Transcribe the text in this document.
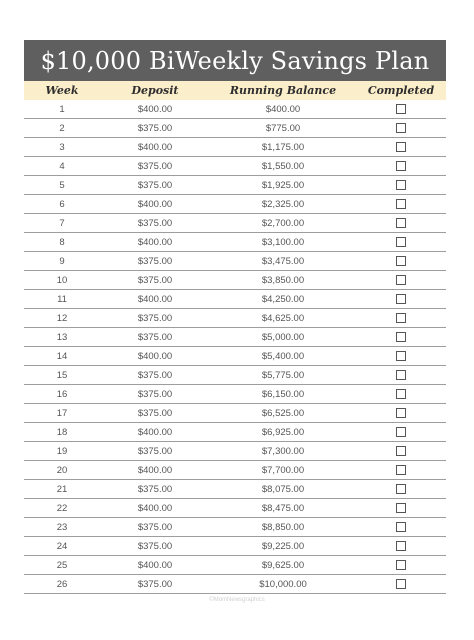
$10,000 BiWeekly Savings Plan
Week	Deposit	Running Balance	Completed
1	$400.00	$400.00
2	$375.00	$775.00
3	$400.00	$1,175.00
4	$375.00	$1,550.00
5	$375.00	$1,925.00
6	$400.00	$2,325.00
7	$375.00	$2,700.00
8	$400.00	$3,100.00
9	$375.00	$3,475.00
10	$375.00	$3,850.00
11	$400.00	$4,250.00
12	$375.00	$4,625.00
13	$375.00	$5,000.00
14	$400.00	$5,400.00
15	$375.00	$5,775.00
16	$375.00	$6,150.00
17	$375.00	$6,525.00
18	$400.00	$6,925.00
19	$375.00	$7,300.00
20	$400.00	$7,700.00
21	$375.00	$8,075.00
22	$400.00	$8,475.00
23	$375.00	$8,850.00
24	$375.00	$9,225.00
25	$400.00	$9,625.00
26	$375.00	$10,000.00
©MomNewsgraphics
